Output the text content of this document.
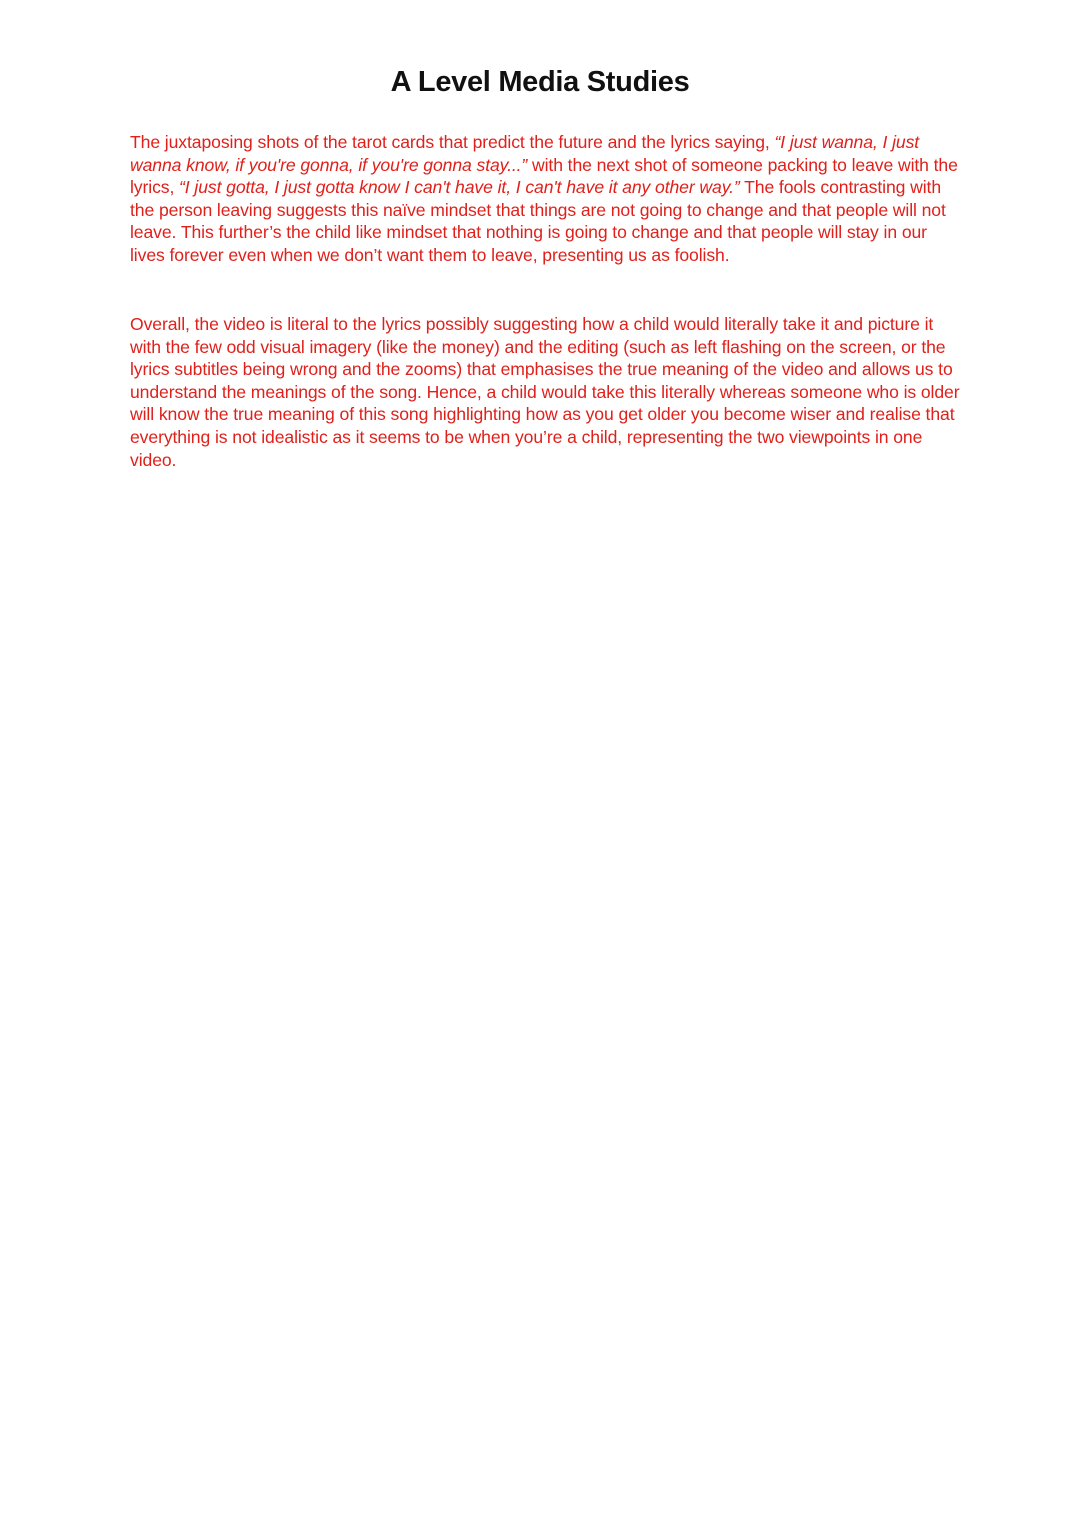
A Level Media Studies

The juxtaposing shots of the tarot cards that predict the future and the lyrics saying, “I just wanna, I just wanna know, if you're gonna, if you're gonna stay...” with the next shot of someone packing to leave with the lyrics, “I just gotta, I just gotta know I can't have it, I can't have it any other way.” The fools contrasting with the person leaving suggests this naïve mindset that things are not going to change and that people will not leave. This further’s the child like mindset that nothing is going to change and that people will stay in our lives forever even when we don’t want them to leave, presenting us as foolish.

Overall, the video is literal to the lyrics possibly suggesting how a child would literally take it and picture it with the few odd visual imagery (like the money) and the editing (such as left flashing on the screen, or the lyrics subtitles being wrong and the zooms) that emphasises the true meaning of the video and allows us to understand the meanings of the song. Hence, a child would take this literally whereas someone who is older will know the true meaning of this song highlighting how as you get older you become wiser and realise that everything is not idealistic as it seems to be when you’re a child, representing the two viewpoints in one video.
